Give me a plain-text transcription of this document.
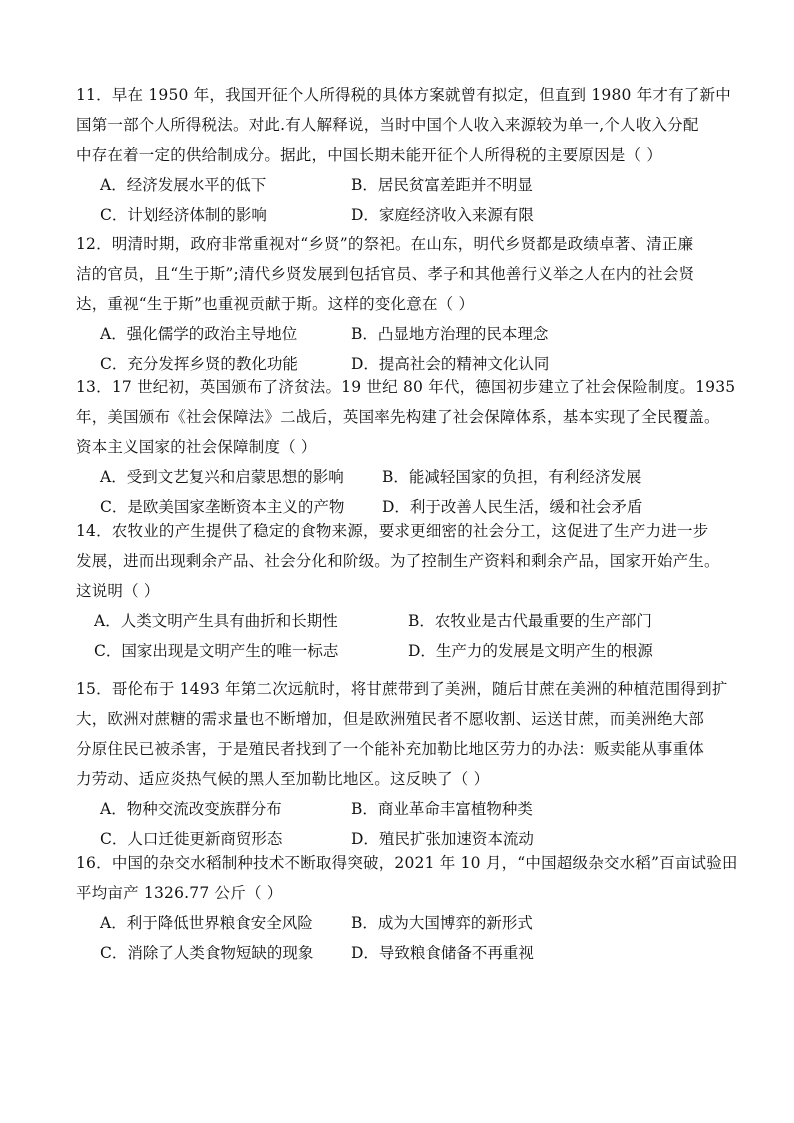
11．早在 1950 年，我国开征个人所得税的具体方案就曾有拟定，但直到 1980 年才有了新中
国第一部个人所得税法。对此.有人解释说，当时中国个人收入来源较为单一,个人收入分配
中存在着一定的供给制成分。据此，中国长期未能开征个人所得税的主要原因是（ ）
A．经济发展水平的低下	B．居民贫富差距并不明显
C．计划经济体制的影响	D．家庭经济收入来源有限
12．明清时期，政府非常重视对“乡贤”的祭祀。在山东，明代乡贤都是政绩卓著、清正廉
洁的官员，且“生于斯”;清代乡贤发展到包括官员、孝子和其他善行义举之人在内的社会贤
达，重视“生于斯”也重视贡献于斯。这样的变化意在（ ）
A．强化儒学的政治主导地位	B．凸显地方治理的民本理念
C．充分发挥乡贤的教化功能	D．提高社会的精神文化认同
13．17 世纪初，英国颁布了济贫法。19 世纪 80 年代，德国初步建立了社会保险制度。1935
年，美国颁布《社会保障法》二战后，英国率先构建了社会保障体系，基本实现了全民覆盖。
资本主义国家的社会保障制度（ ）
A．受到文艺复兴和启蒙思想的影响	B．能减轻国家的负担，有利经济发展
C．是欧美国家垄断资本主义的产物	D．利于改善人民生活，缓和社会矛盾
14．农牧业的产生提供了稳定的食物来源，要求更细密的社会分工，这促进了生产力进一步
发展，进而出现剩余产品、社会分化和阶级。为了控制生产资料和剩余产品，国家开始产生。
这说明（ ）
A．人类文明产生具有曲折和长期性	B．农牧业是古代最重要的生产部门
C．国家出现是文明产生的唯一标志	D．生产力的发展是文明产生的根源
15．哥伦布于 1493 年第二次远航时，将甘蔗带到了美洲，随后甘蔗在美洲的种植范围得到扩
大，欧洲对蔗糖的需求量也不断增加，但是欧洲殖民者不愿收割、运送甘蔗，而美洲绝大部
分原住民已被杀害，于是殖民者找到了一个能补充加勒比地区劳力的办法：贩卖能从事重体
力劳动、适应炎热气候的黑人至加勒比地区。这反映了（ ）
A．物种交流改变族群分布	B．商业革命丰富植物种类
C．人口迁徙更新商贸形态	D．殖民扩张加速资本流动
16．中国的杂交水稻制种技术不断取得突破，2021 年 10 月，“中国超级杂交水稻”百亩试验田
平均亩产 1326.77 公斤（ ）
A．利于降低世界粮食安全风险	B．成为大国博弈的新形式
C．消除了人类食物短缺的现象	D．导致粮食储备不再重视
